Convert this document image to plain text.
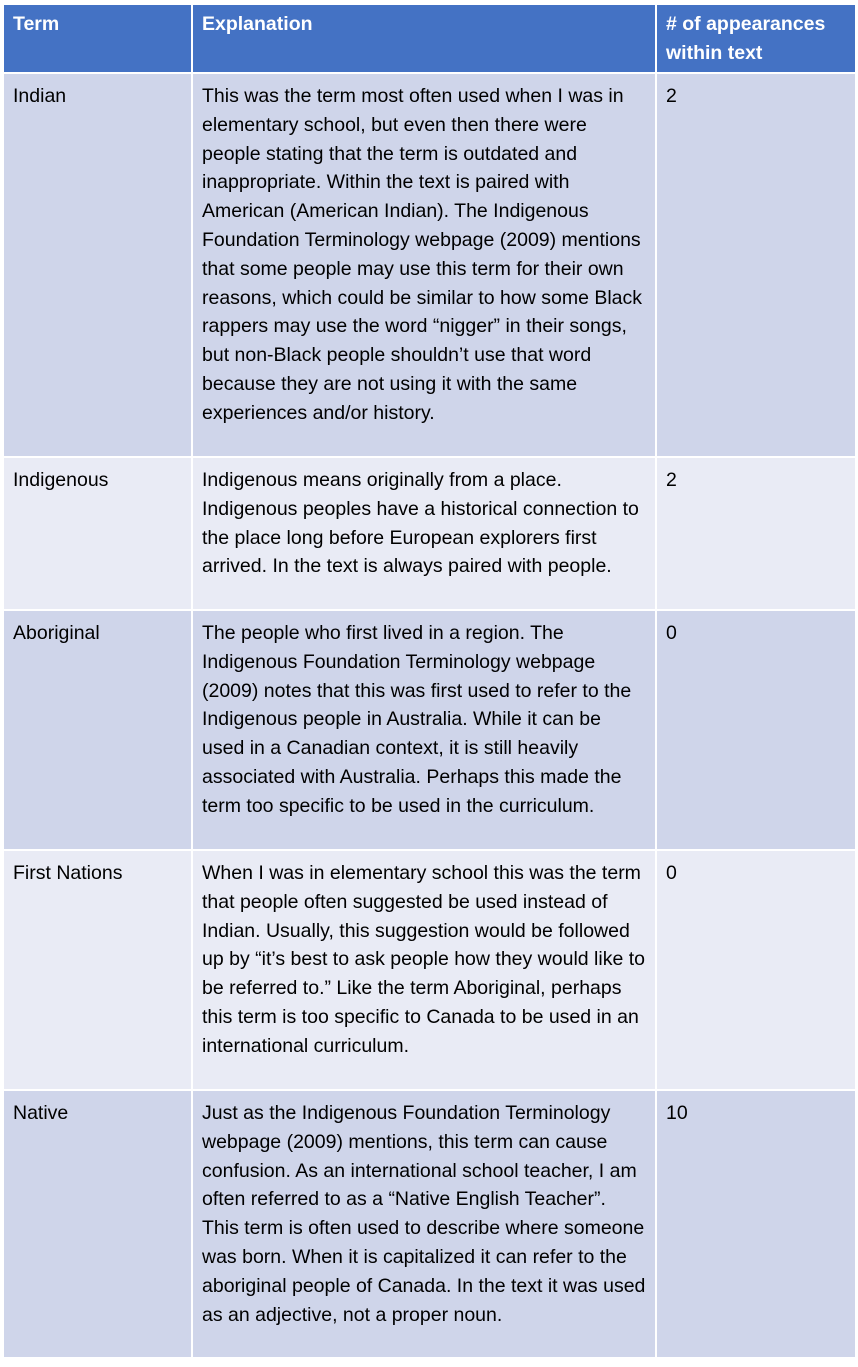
Term	Explanation	# of appearances within text
Indian	This was the term most often used when I was in elementary school, but even then there were people stating that the term is outdated and inappropriate. Within the text is paired with American (American Indian). The Indigenous Foundation Terminology webpage (2009) mentions that some people may use this term for their own reasons, which could be similar to how some Black rappers may use the word “nigger” in their songs, but non-Black people shouldn’t use that word because they are not using it with the same experiences and/or history.	2
Indigenous	Indigenous means originally from a place. Indigenous peoples have a historical connection to the place long before European explorers first arrived. In the text is always paired with people.	2
Aboriginal	The people who first lived in a region. The Indigenous Foundation Terminology webpage (2009) notes that this was first used to refer to the Indigenous people in Australia. While it can be used in a Canadian context, it is still heavily associated with Australia. Perhaps this made the term too specific to be used in the curriculum.	0
First Nations	When I was in elementary school this was the term that people often suggested be used instead of Indian. Usually, this suggestion would be followed up by “it’s best to ask people how they would like to be referred to.” Like the term Aboriginal, perhaps this term is too specific to Canada to be used in an international curriculum.	0
Native	Just as the Indigenous Foundation Terminology webpage (2009) mentions, this term can cause confusion. As an international school teacher, I am often referred to as a “Native English Teacher”. This term is often used to describe where someone was born. When it is capitalized it can refer to the aboriginal people of Canada. In the text it was used as an adjective, not a proper noun.	10
